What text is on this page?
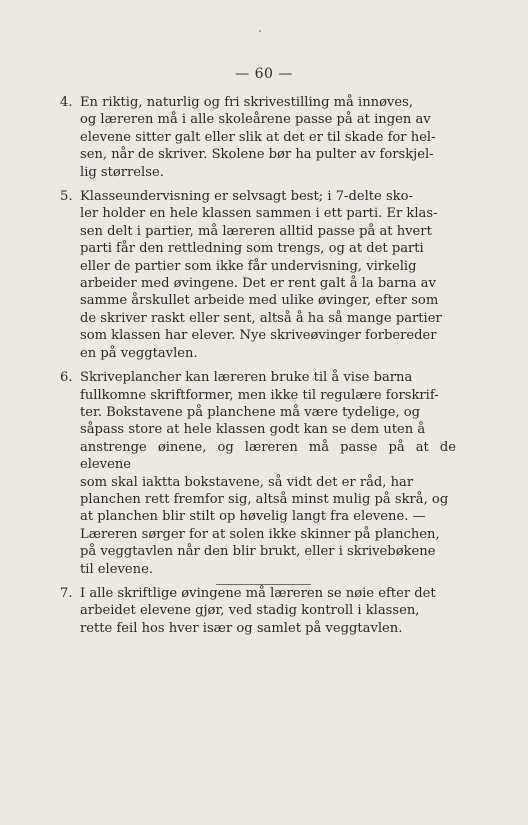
— 60 —
4. En riktig, naturlig og fri skrivestilling må innøves,
og læreren må i alle skoleårene passe på at ingen av
elevene sitter galt eller slik at det er til skade for hel-
sen, når de skriver. Skolene bør ha pulter av forskjel-
lig størrelse.
5. Klasseundervisning er selvsagt best; i 7-delte sko-
ler holder en hele klassen sammen i ett parti. Er klas-
sen delt i partier, må læreren alltid passe på at hvert
parti får den rettledning som trengs, og at det parti
eller de partier som ikke får undervisning, virkelig
arbeider med øvingene. Det er rent galt å la barna av
samme årskullet arbeide med ulike øvinger, efter som
de skriver raskt eller sent, altså å ha så mange partier
som klassen har elever. Nye skriveøvinger forbereder
en på veggtavlen.
6. Skriveplancher kan læreren bruke til å vise barna
fullkomne skriftformer, men ikke til regulære forskrif-
ter. Bokstavene på planchene må være tydelige, og
såpass store at hele klassen godt kan se dem uten å
anstrenge øinene, og læreren må passe på at de elevene
som skal iaktta bokstavene, så vidt det er råd, har
planchen rett fremfor sig, altså minst mulig på skrå, og
at planchen blir stilt op høvelig langt fra elevene. —
Læreren sørger for at solen ikke skinner på planchen,
på veggtavlen når den blir brukt, eller i skrivebøkene
til elevene.
7. I alle skriftlige øvingene må læreren se nøie efter det
arbeidet elevene gjør, ved stadig kontroll i klassen,
rette feil hos hver især og samlet på veggtavlen.
